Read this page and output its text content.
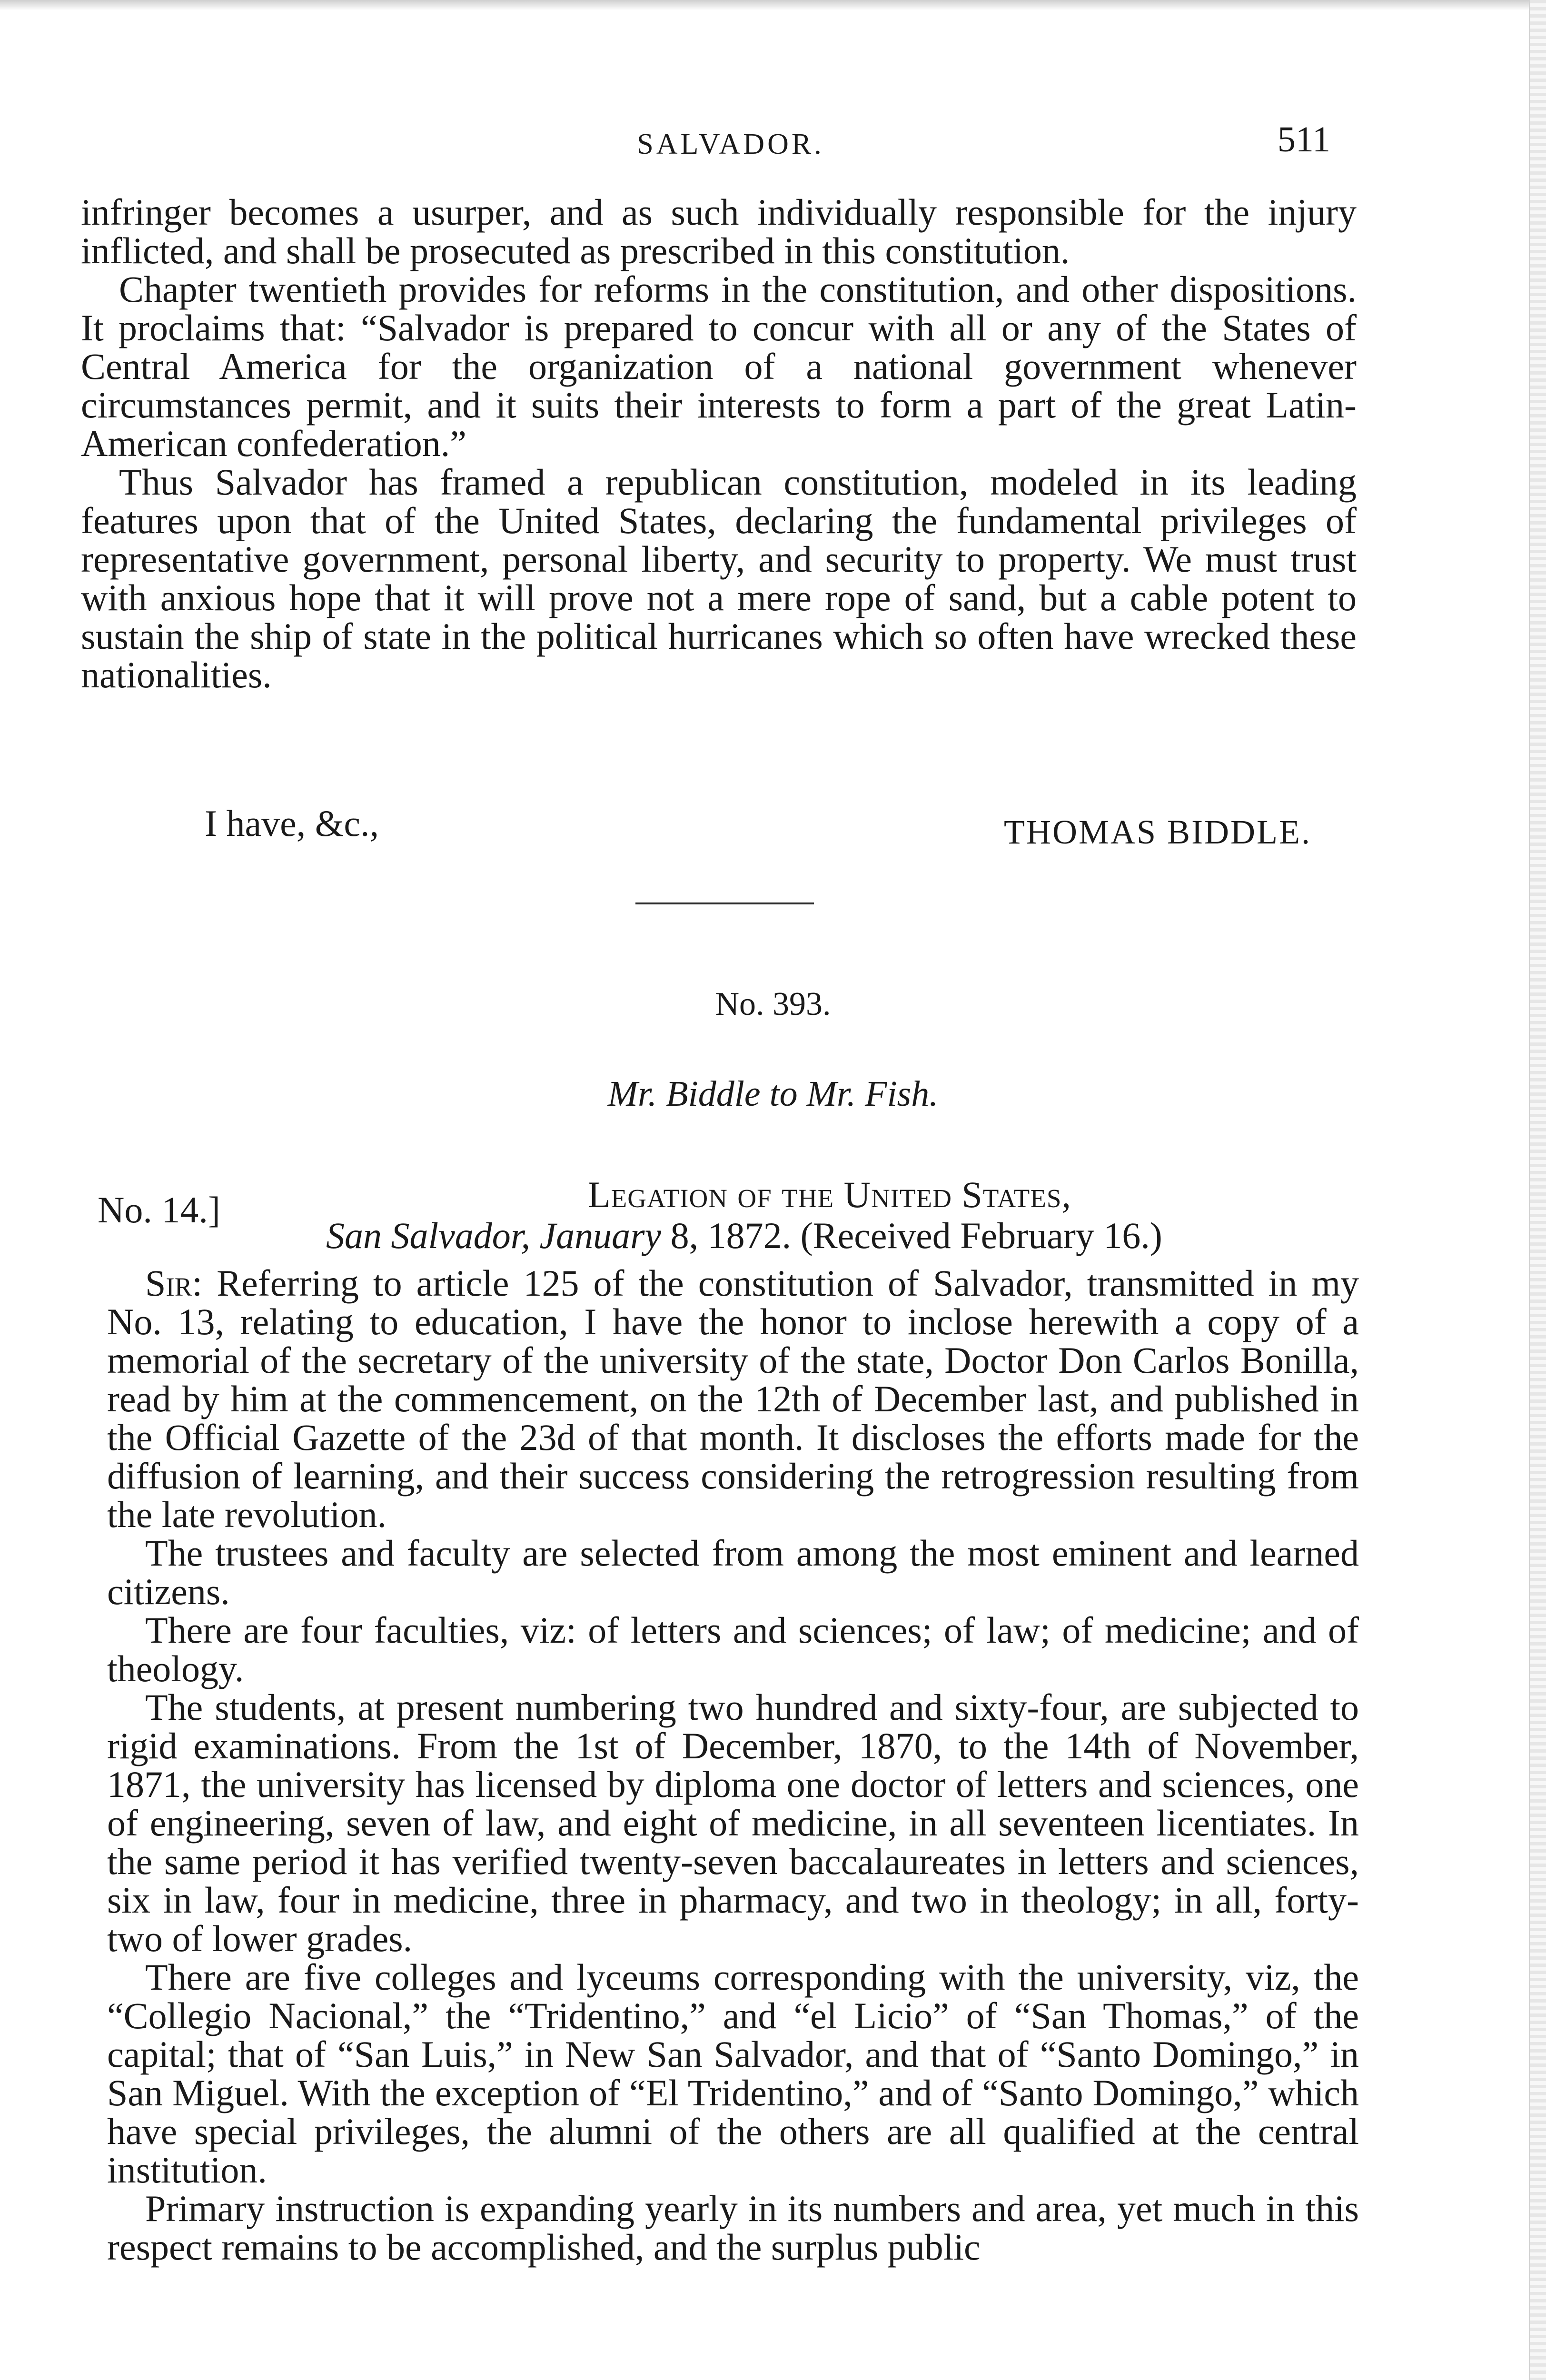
SALVADOR.	511

infringer becomes a usurper, and as such individually responsible for the injury inflicted, and shall be prosecuted as prescribed in this constitution.

Chapter twentieth provides for reforms in the constitution, and other dispositions. It proclaims that: “Salvador is prepared to concur with all or any of the States of Central America for the organization of a national government whenever circumstances permit, and it suits their interests to form a part of the great Latin-American confederation.”

Thus Salvador has framed a republican constitution, modeled in its leading features upon that of the United States, declaring the fundamental privileges of representative government, personal liberty, and security to property. We must trust with anxious hope that it will prove not a mere rope of sand, but a cable potent to sustain the ship of state in the political hurricanes which so often have wrecked these nationalities.

I have, &c.,	THOMAS BIDDLE.
No. 393.
Mr. Biddle to Mr. Fish.
No. 14.]	Legation of the United States,
San Salvador, January 8, 1872. (Received February 16.)

Sir: Referring to article 125 of the constitution of Salvador, transmitted in my No. 13, relating to education, I have the honor to inclose herewith a copy of a memorial of the secretary of the university of the state, Doctor Don Carlos Bonilla, read by him at the commencement, on the 12th of December last, and published in the Official Gazette of the 23d of that month. It discloses the efforts made for the diffusion of learning, and their success considering the retrogression resulting from the late revolution.

The trustees and faculty are selected from among the most eminent and learned citizens.

There are four faculties, viz: of letters and sciences; of law; of medicine; and of theology.

The students, at present numbering two hundred and sixty-four, are subjected to rigid examinations. From the 1st of December, 1870, to the 14th of November, 1871, the university has licensed by diploma one doctor of letters and sciences, one of engineering, seven of law, and eight of medicine, in all seventeen licentiates. In the same period it has verified twenty-seven baccalaureates in letters and sciences, six in law, four in medicine, three in pharmacy, and two in theology; in all, forty-two of lower grades.

There are five colleges and lyceums corresponding with the university, viz, the “Collegio Nacional,” the “Tridentino,” and “el Licio” of “San Thomas,” of the capital; that of “San Luis,” in New San Salvador, and that of “Santo Domingo,” in San Miguel. With the exception of “El Tridentino,” and of “Santo Domingo,” which have special privileges, the alumni of the others are all qualified at the central institution.

Primary instruction is expanding yearly in its numbers and area, yet much in this respect remains to be accomplished, and the surplus public
